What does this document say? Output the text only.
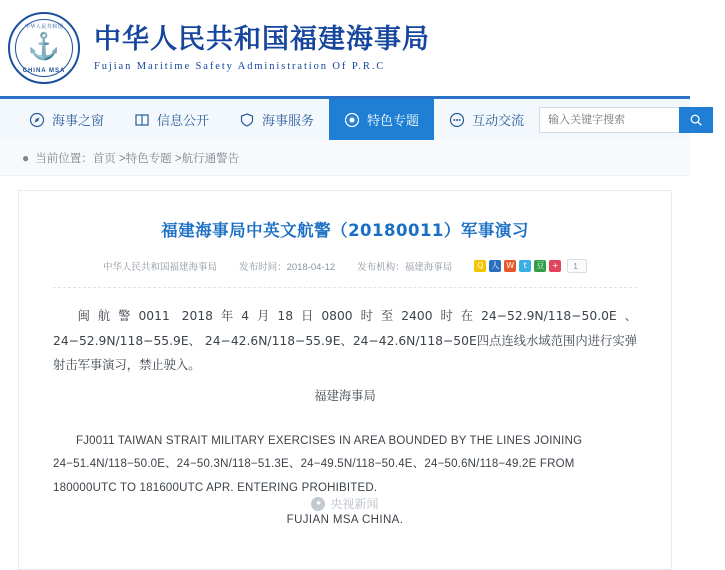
中华人民共和国
⚓
CHINA MSA
中华人民共和国福建海事局
Fujian Maritime Safety Administration Of P.R.C
海事之窗	信息公开	海事服务	特色专题	互动交流
输入关键字搜索
● 当前位置：首页 >特色专题 >航行通警告
福建海事局中英文航警（20180011）军事演习
中华人民共和国福建海事局 发布时间：2018-04-12 发布机构：福建海事局	Q 人 W	t	豆 +	1
闽航警0011 2018年4月18日0800时至2400时在24−52.9N/118−50.0E、24−52.9N/118−55.9E、 24−42.6N/118−55.9E、24−42.6N/118−50E四点连线水域范围内进行实弹射击军事演习，禁止驶入。
福建海事局
FJ0011 TAIWAN STRAIT MILITARY EXERCISES IN AREA BOUNDED BY THE LINES JOINING 24−51.4N/118−50.0E、24−50.3N/118−51.3E、24−49.5N/118−50.4E、24−50.6N/118−49.2E FROM 180000UTC TO 181600UTC APR. ENTERING PROHIBITED.
FUJIAN MSA CHINA.
✦ 央视新闻
